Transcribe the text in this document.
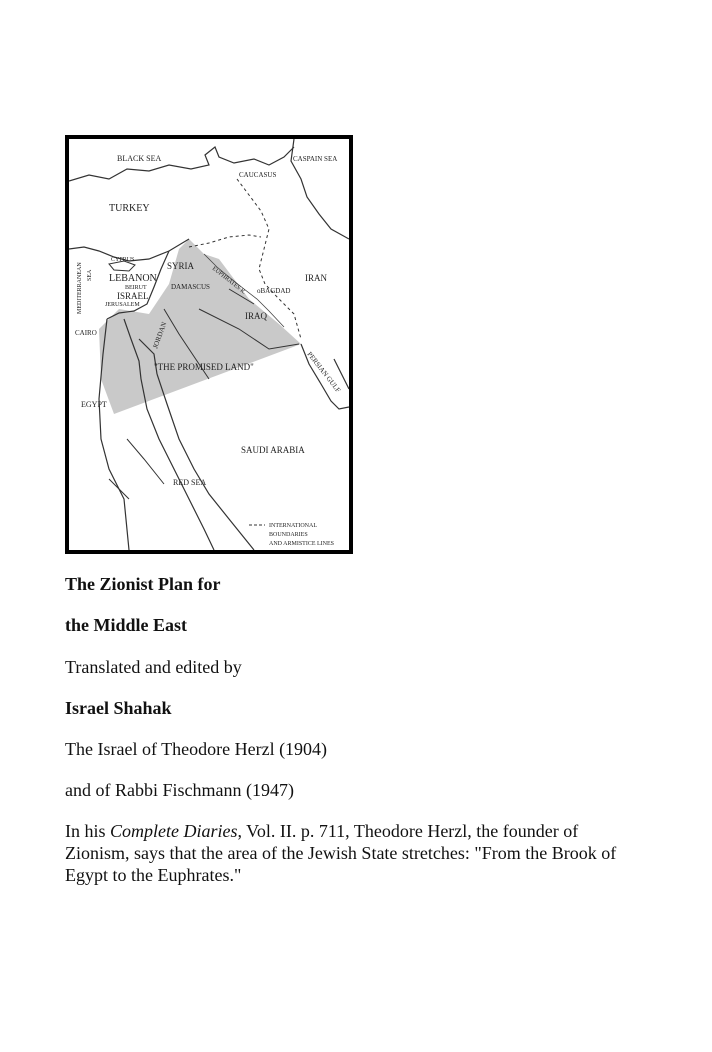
BLACK SEA	CASPAIN SEA
CAUCASUS
TURKEY
MEDITERRANEAN SEA
CYPRUS
LEBANON
BEIRUT
ISRAEL
JERUSALEM
SYRIA
DAMASCUS EUPHRATES R. oBAGDAD
IRAN
IRAQ
CAIRO	JORDAN
"THE PROMISED LAND"	PERSIAN GULF
EGYPT
SAUDI ARABIA
RED SEA
INTERNATIONAL
BOUNDARIES
AND ARMISTICE LINES

The Zionist Plan for

the Middle East

Translated and edited by

Israel Shahak

The Israel of Theodore Herzl (1904)

and of Rabbi Fischmann (1947)

In his Complete Diaries, Vol. II. p. 711, Theodore Herzl, the founder of Zionism, says that the area of the Jewish State stretches: "From the Brook of Egypt to the Euphrates."
